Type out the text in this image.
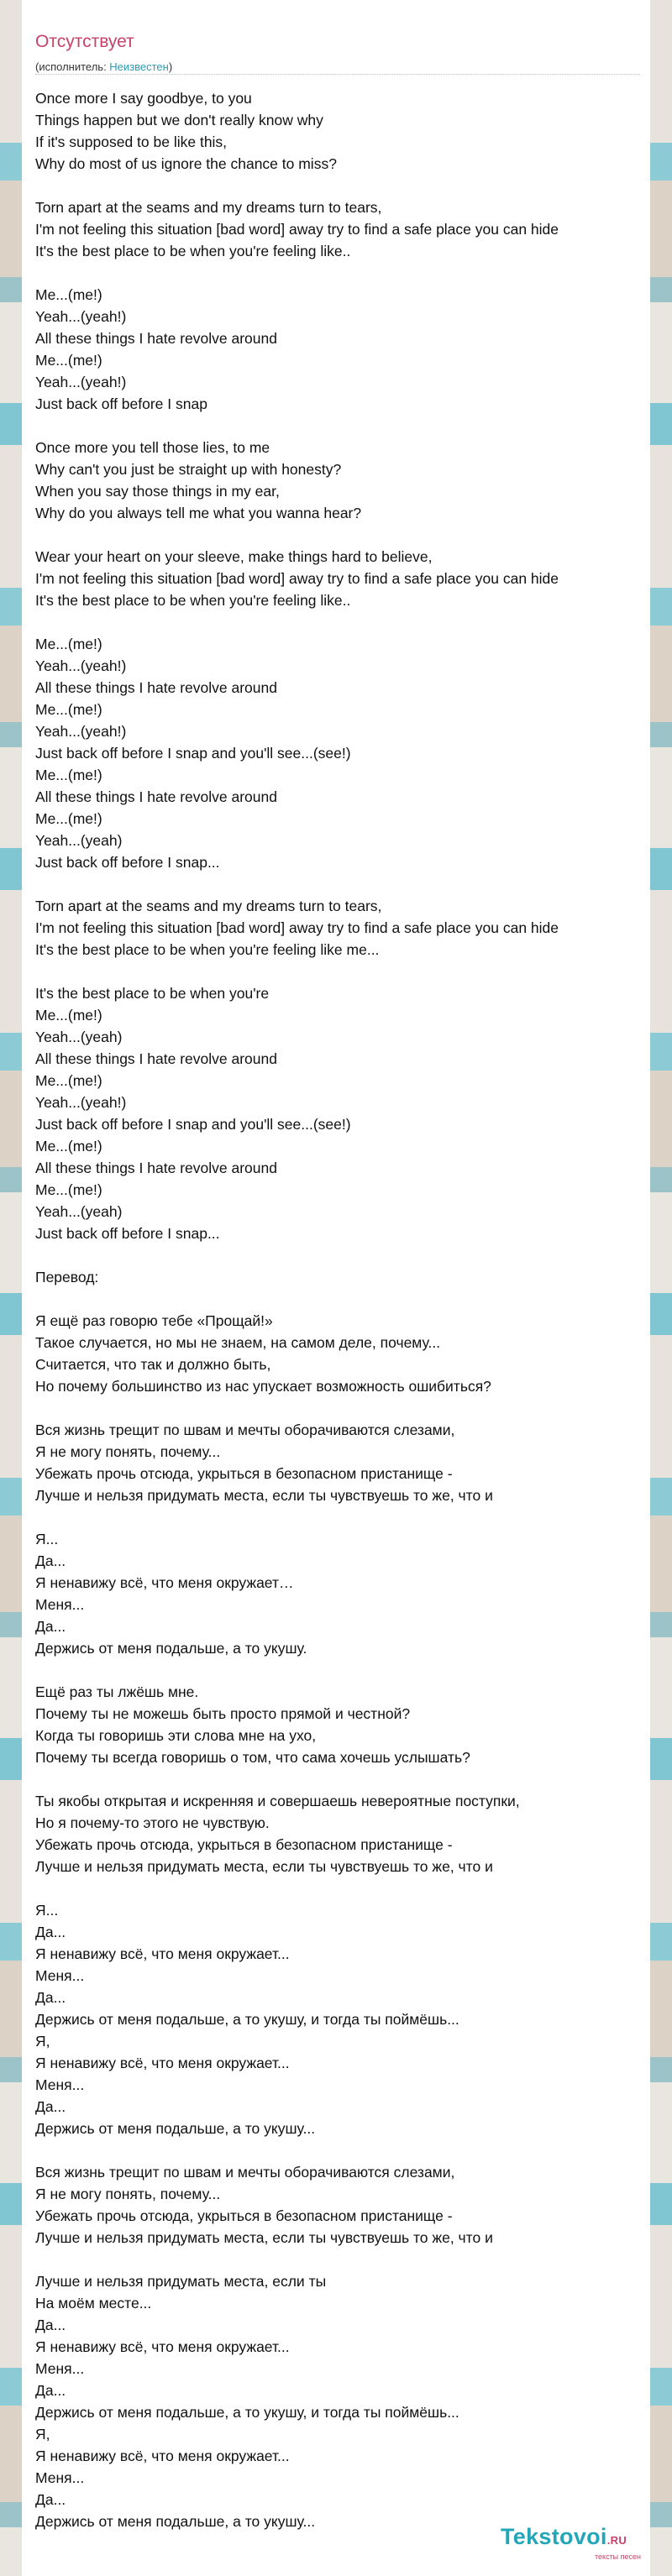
Отсутствует
(исполнитель: Неизвестен)
Once more I say goodbye, to you
Things happen but we don't really know why
If it's supposed to be like this,
Why do most of us ignore the chance to miss?
Torn apart at the seams and my dreams turn to tears,
I'm not feeling this situation [bad word] away try to find a safe place you can hide
It's the best place to be when you're feeling like..
Me...(me!)
Yeah...(yeah!)
All these things I hate revolve around
Me...(me!)
Yeah...(yeah!)
Just back off before I snap
Once more you tell those lies, to me
Why can't you just be straight up with honesty?
When you say those things in my ear,
Why do you always tell me what you wanna hear?
Wear your heart on your sleeve, make things hard to believe,
I'm not feeling this situation [bad word] away try to find a safe place you can hide
It's the best place to be when you're feeling like..
Me...(me!)
Yeah...(yeah!)
All these things I hate revolve around
Me...(me!)
Yeah...(yeah!)
Just back off before I snap and you'll see...(see!)
Me...(me!)
All these things I hate revolve around
Me...(me!)
Yeah...(yeah)
Just back off before I snap...
Torn apart at the seams and my dreams turn to tears,
I'm not feeling this situation [bad word] away try to find a safe place you can hide
It's the best place to be when you're feeling like me...
It's the best place to be when you're
Me...(me!)
Yeah...(yeah)
All these things I hate revolve around
Me...(me!)
Yeah...(yeah!)
Just back off before I snap and you'll see...(see!)
Me...(me!)
All these things I hate revolve around
Me...(me!)
Yeah...(yeah)
Just back off before I snap...
Перевод:
Я ещё раз говорю тебе «Прощай!»
Такое случается, но мы не знаем, на самом деле, почему...
Считается, что так и должно быть,
Но почему большинство из нас упускает возможность ошибиться?
Вся жизнь трещит по швам и мечты оборачиваются слезами,
Я не могу понять, почему...
Убежать прочь отсюда, укрыться в безопасном пристанище -
Лучше и нельзя придумать места, если ты чувствуешь то же, что и
Я...
Да...
Я ненавижу всё, что меня окружает…
Меня...
Да...
Держись от меня подальше, а то укушу.
Ещё раз ты лжёшь мне.
Почему ты не можешь быть просто прямой и честной?
Когда ты говоришь эти слова мне на ухо,
Почему ты всегда говоришь о том, что сама хочешь услышать?
Ты якобы открытая и искренняя и совершаешь невероятные поступки,
Но я почему-то этого не чувствую.
Убежать прочь отсюда, укрыться в безопасном пристанище -
Лучше и нельзя придумать места, если ты чувствуешь то же, что и
Я...
Да...
Я ненавижу всё, что меня окружает...
Меня...
Да...
Держись от меня подальше, а то укушу, и тогда ты поймёшь...
Я,
Я ненавижу всё, что меня окружает...
Меня...
Да...
Держись от меня подальше, а то укушу...
Вся жизнь трещит по швам и мечты оборачиваются слезами,
Я не могу понять, почему...
Убежать прочь отсюда, укрыться в безопасном пристанище -
Лучше и нельзя придумать места, если ты чувствуешь то же, что и
Лучше и нельзя придумать места, если ты
На моём месте...
Да...
Я ненавижу всё, что меня окружает...
Меня...
Да...
Держись от меня подальше, а то укушу, и тогда ты поймёшь...
Я,
Я ненавижу всё, что меня окружает...
Меня...
Да...
Держись от меня подальше, а то укушу...
Tekstovoi.RU
тексты песен
